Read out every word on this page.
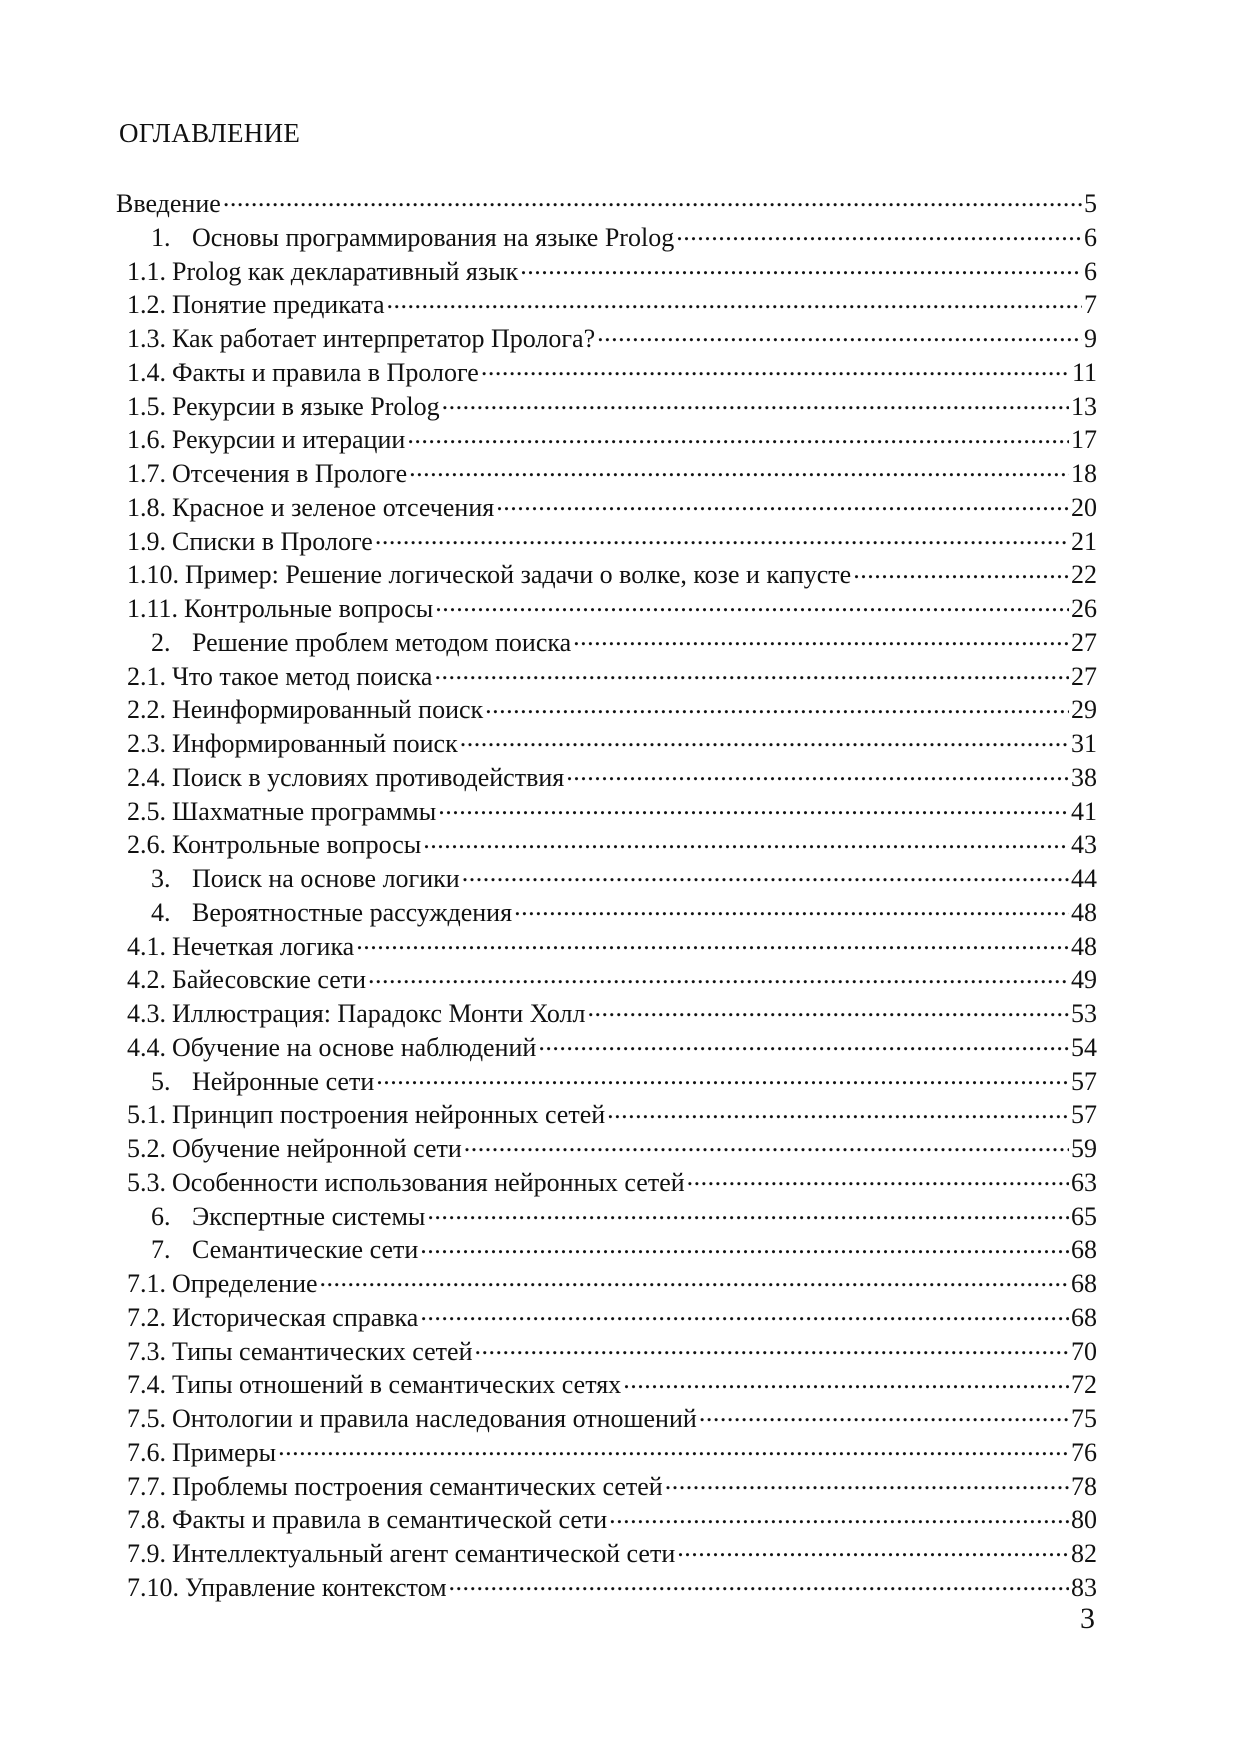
ОГЛАВЛЕНИЕ
Введение .....	5
1. Основы программирования на языке Prolog .....	6
1.1. Prolog как декларативный язык .....	6
1.2. Понятие предиката .....	7
1.3. Как работает интерпретатор Пролога? .....	9
1.4. Факты и правила в Прологе .....	11
1.5. Рекурсии в языке Prolog .....	13
1.6. Рекурсии и итерации .....	17
1.7. Отсечения в Прологе .....	18
1.8. Красное и зеленое отсечения .....	20
1.9. Списки в Прологе .....	21
1.10. Пример: Решение логической задачи о волке, козе и капусте .....	22
1.11. Контрольные вопросы .....	26
2. Решение проблем методом поиска .....	27
2.1. Что такое метод поиска .....	27
2.2. Неинформированный поиск .....	29
2.3. Информированный поиск .....	31
2.4. Поиск в условиях противодействия .....	38
2.5. Шахматные программы .....	41
2.6. Контрольные вопросы .....	43
3. Поиск на основе логики .....	44
4. Вероятностные рассуждения .....	48
4.1. Нечеткая логика .....	48
4.2. Байесовские сети .....	49
4.3. Иллюстрация: Парадокс Монти Холл .....	53
4.4. Обучение на основе наблюдений .....	54
5. Нейронные сети .....	57
5.1. Принцип построения нейронных сетей .....	57
5.2. Обучение нейронной сети .....	59
5.3. Особенности использования нейронных сетей .....	63
6. Экспертные системы .....	65
7. Семантические сети .....	68
7.1. Определение .....	68
7.2. Историческая справка .....	68
7.3. Типы семантических сетей .....	70
7.4. Типы отношений в семантических сетях .....	72
7.5. Онтологии и правила наследования отношений .....	75
7.6. Примеры .....	76
7.7. Проблемы построения семантических сетей .....	78
7.8. Факты и правила в семантической сети .....	80
7.9. Интеллектуальный агент семантической сети .....	82
7.10. Управление контекстом .....	83
3
